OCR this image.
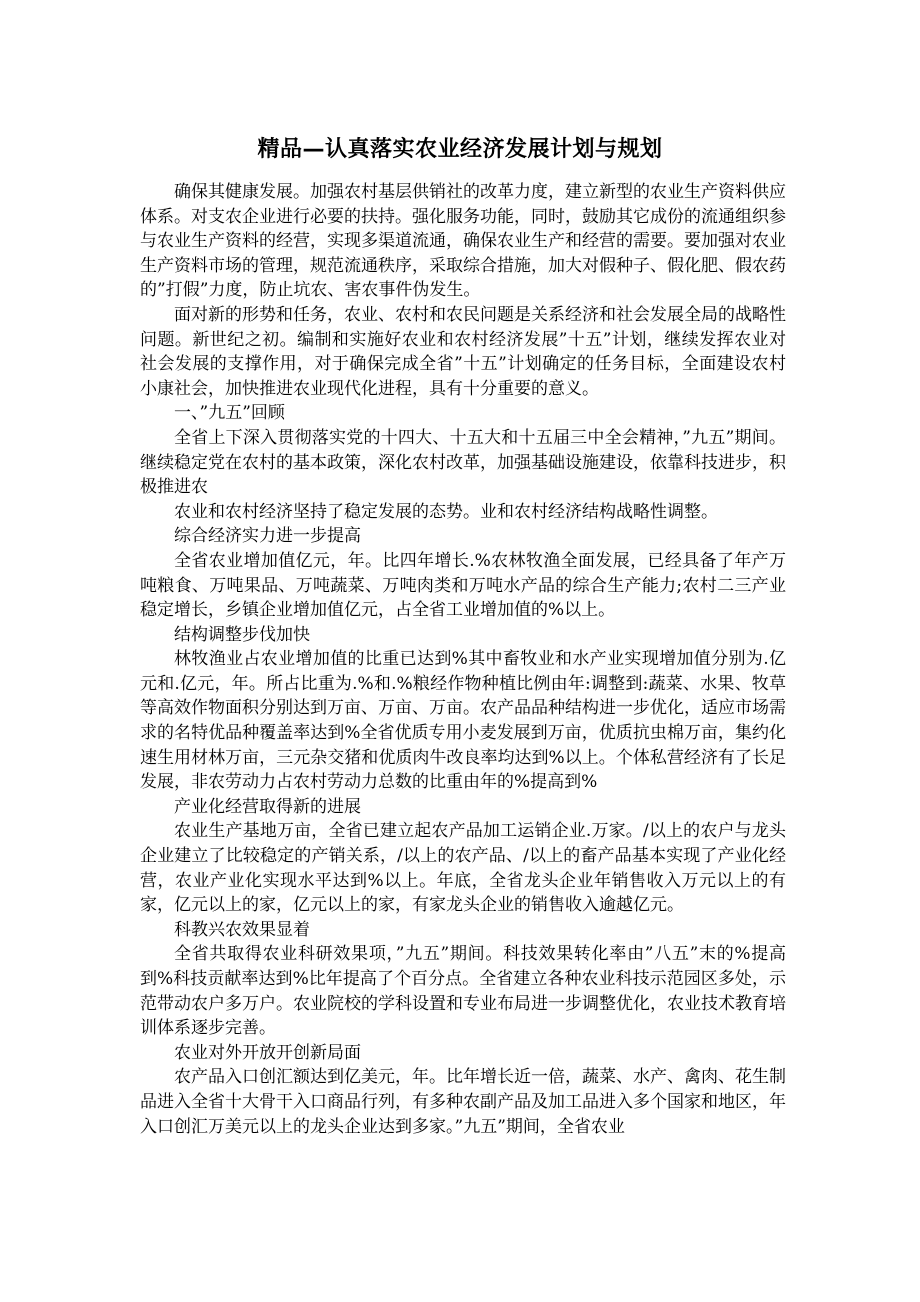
精品—认真落实农业经济发展计划与规划

确保其健康发展。加强农村基层供销社的改革力度，建立新型的农业生产资料供应体系。对支农企业进行必要的扶持。强化服务功能，同时，鼓励其它成份的流通组织参与农业生产资料的经营，实现多渠道流通，确保农业生产和经营的需要。要加强对农业生产资料市场的管理，规范流通秩序，采取综合措施，加大对假种子、假化肥、假农药的”打假”力度，防止坑农、害农事件伪发生。

面对新的形势和任务，农业、农村和农民问题是关系经济和社会发展全局的战略性问题。新世纪之初。编制和实施好农业和农村经济发展”十五”计划，继续发挥农业对社会发展的支撑作用，对于确保完成全省”十五”计划确定的任务目标，全面建设农村小康社会，加快推进农业现代化进程，具有十分重要的意义。

一、”九五”回顾

全省上下深入贯彻落实党的十四大、十五大和十五届三中全会精神，”九五”期间。继续稳定党在农村的基本政策，深化农村改革，加强基础设施建设，依靠科技进步，积极推进农

农业和农村经济坚持了稳定发展的态势。业和农村经济结构战略性调整。

综合经济实力进一步提高

全省农业增加值亿元，年。比四年增长.%农林牧渔全面发展，已经具备了年产万吨粮食、万吨果品、万吨蔬菜、万吨肉类和万吨水产品的综合生产能力;农村二三产业稳定增长，乡镇企业增加值亿元，占全省工业增加值的%以上。

结构调整步伐加快

林牧渔业占农业增加值的比重已达到%其中畜牧业和水产业实现增加值分别为.亿元和.亿元，年。所占比重为.%和.%粮经作物种植比例由年:调整到:蔬菜、水果、牧草等高效作物面积分别达到万亩、万亩、万亩。农产品品种结构进一步优化，适应市场需求的名特优品种覆盖率达到%全省优质专用小麦发展到万亩，优质抗虫棉万亩，集约化速生用材林万亩，三元杂交猪和优质肉牛改良率均达到%以上。个体私营经济有了长足发展，非农劳动力占农村劳动力总数的比重由年的%提高到%

产业化经营取得新的进展

农业生产基地万亩，全省已建立起农产品加工运销企业.万家。/以上的农户与龙头企业建立了比较稳定的产销关系，/以上的农产品、/以上的畜产品基本实现了产业化经营，农业产业化实现水平达到%以上。年底，全省龙头企业年销售收入万元以上的有家，亿元以上的家，亿元以上的家，有家龙头企业的销售收入逾越亿元。

科教兴农效果显着

全省共取得农业科研效果项，”九五”期间。科技效果转化率由”八五”末的%提高到%科技贡献率达到%比年提高了个百分点。全省建立各种农业科技示范园区多处，示范带动农户多万户。农业院校的学科设置和专业布局进一步调整优化，农业技术教育培训体系逐步完善。

农业对外开放开创新局面

农产品入口创汇额达到亿美元，年。比年增长近一倍，蔬菜、水产、禽肉、花生制品进入全省十大骨干入口商品行列，有多种农副产品及加工品进入多个国家和地区，年入口创汇万美元以上的龙头企业达到多家。”九五”期间，全省农业
